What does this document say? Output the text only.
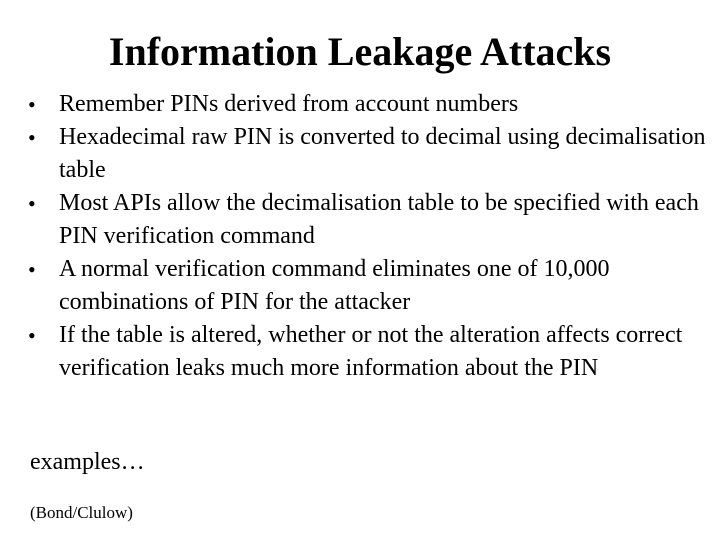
Information Leakage Attacks
• Remember PINs derived from account numbers
• Hexadecimal raw PIN is converted to decimal using decimalisation table
• Most APIs allow the decimalisation table to be specified with each PIN verification command
• A normal verification command eliminates one of 10,000 combinations of PIN for the attacker
• If the table is altered, whether or not the alteration affects correct verification leaks much more information about the PIN

examples…

(Bond/Clulow)
